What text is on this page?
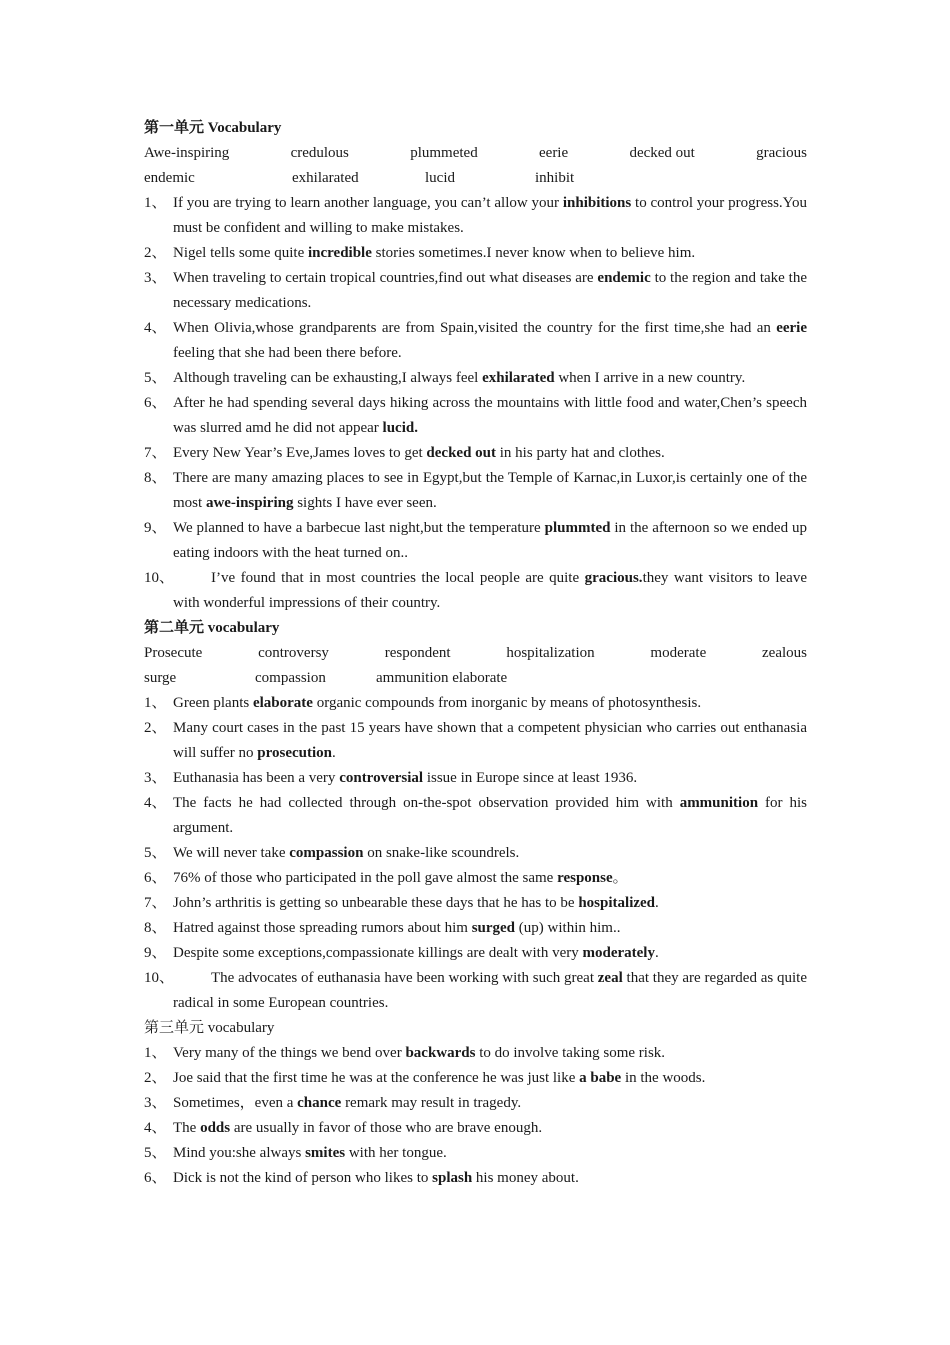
第一单元 Vocabulary
Awe-inspiring	credulous	plummeted	eerie	decked out	gracious
endemic	exhilarated	lucid	inhibit
1、 If you are trying to learn another language, you can’t allow your inhibitions to control your progress.You must be confident and willing to make mistakes.
2、 Nigel tells some quite incredible stories sometimes.I never know when to believe him.
3、 When traveling to certain tropical countries,find out what diseases are endemic to the region and take the necessary medications.
4、 When Olivia,whose grandparents are from Spain,visited the country for the first time,she had an eerie feeling that she had been there before.
5、 Although traveling can be exhausting,I always feel exhilarated when I arrive in a new country.
6、 After he had spending several days hiking across the mountains with little food and water,Chen’s speech was slurred amd he did not appear lucid.
7、 Every New Year’s Eve,James loves to get decked out in his party hat and clothes.
8、 There are many amazing places to see in Egypt,but the Temple of Karnac,in Luxor,is certainly one of the most awe-inspiring sights I have ever seen.
9、 We planned to have a barbecue last night,but the temperature plummted in the afternoon so we ended up eating indoors with the heat turned on..
10、	I’ve found that in most countries the local people are quite gracious.they want visitors to leave with wonderful impressions of their country.
第二单元 vocabulary
Prosecute	controversy	respondent	hospitalization	moderate	zealous
surge	compassion	ammunition elaborate
1、 Green plants elaborate organic compounds from inorganic by means of photosynthesis.
2、 Many court cases in the past 15 years have shown that a competent physician who carries out enthanasia will suffer no prosecution.
3、 Euthanasia has been a very controversial issue in Europe since at least 1936.
4、 The facts he had collected through on-the-spot observation provided him with ammunition for his argument.
5、 We will never take compassion on snake-like scoundrels.
6、 76% of those who participated in the poll gave almost the same response。
7、 John’s arthritis is getting so unbearable these days that he has to be hospitalized.
8、 Hatred against those spreading rumors about him surged (up) within him..
9、 Despite some exceptions,compassionate killings are dealt with very moderately.
10、	The advocates of euthanasia have been working with such great zeal that they are regarded as quite radical in some European countries.
第三单元 vocabulary
1、 Very many of the things we bend over backwards to do involve taking some risk.
2、 Joe said that the first time he was at the conference he was just like a babe in the woods.
3、 Sometimes，even a chance remark may result in tragedy.
4、 The odds are usually in favor of those who are brave enough.
5、 Mind you:she always smites with her tongue.
6、 Dick is not the kind of person who likes to splash his money about.
